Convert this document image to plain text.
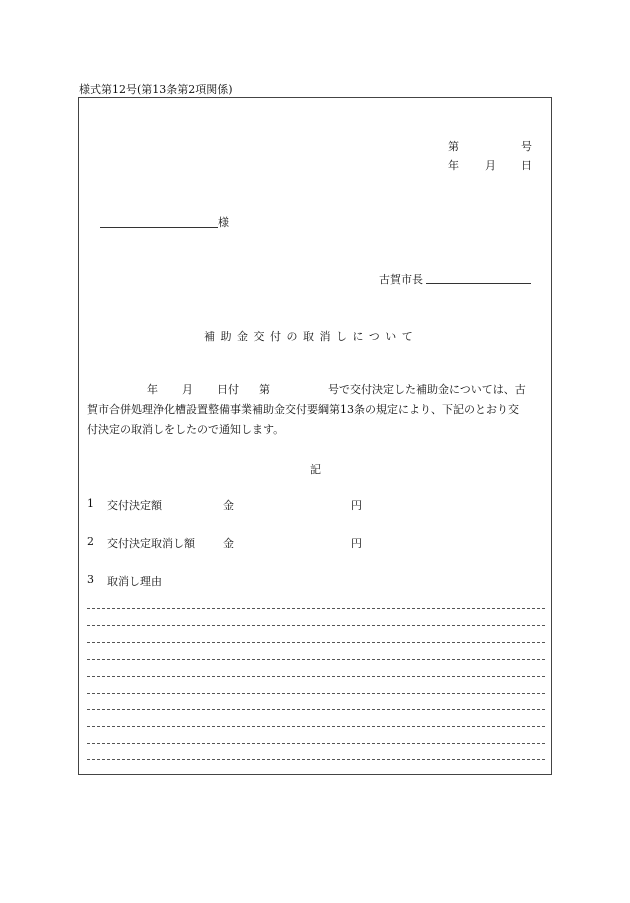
様式第12号(第13条第2項関係)
第	号
年 月 日
様
古賀市長
補助金交付の取消しについて
年 月 日付 第	号で交付決定した補助金については、古
賀市合併処理浄化槽設置整備事業補助金交付要綱第13条の規定により、下記のとおり交
付決定の取消しをしたので通知します。
記
1 交付決定額	金	円
2 交付決定取消し額	金	円
3 取消し理由
